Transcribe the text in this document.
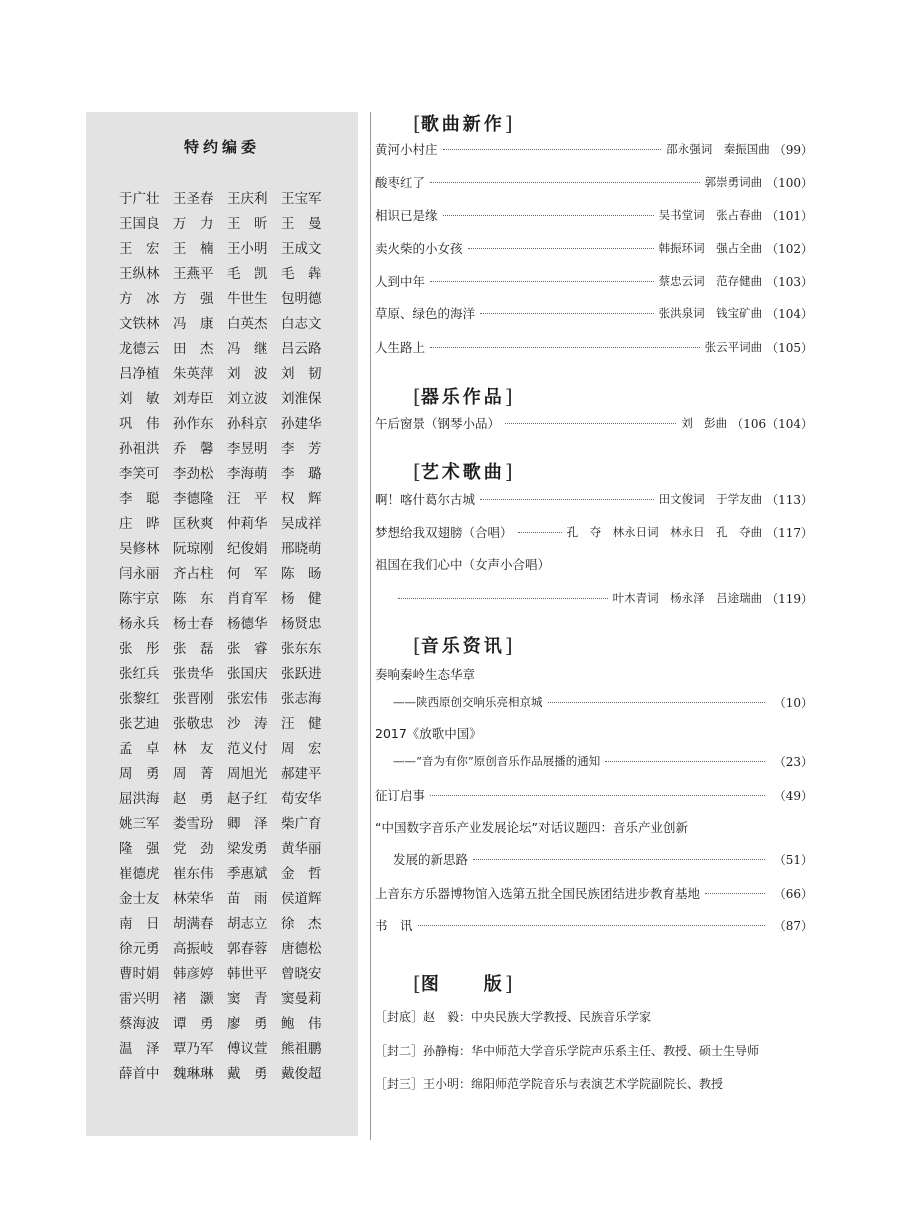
特约编委
于广壮	王圣春	王庆利	王宝军
王国良	万　力	王　昕	王　曼
王　宏	王　楠	王小明	王成文
王纵林	王燕平	毛　凯	毛　犇
方　冰	方　强	牛世生	包明德
文铁林	冯　康	白英杰	白志文
龙德云	田　杰	冯　继	吕云路
吕净植	朱英萍	刘　波	刘　韧
刘　敏	刘寿臣	刘立波	刘淮保
巩　伟	孙作东	孙科京	孙建华
孙祖洪	乔　馨	李昱明	李　芳
李笑可	李劲松	李海萌	李　璐
李　聪	李德隆	汪　平	权　辉
庄　晔	匡秋爽	仲莉华	吴成祥
吴修林	阮琼刚	纪俊娟	邢晓萌
闫永丽	齐占柱	何　军	陈　旸
陈宇京	陈　东	肖育军	杨　健
杨永兵	杨士春	杨德华	杨贤忠
张　彤	张　磊	张　睿	张东东
张红兵	张贵华	张国庆	张跃进
张黎红	张晋刚	张宏伟	张志海
张艺迪	张敬忠	沙　涛	汪　健
孟　卓	林　友	范义付	周　宏
周　勇	周　菁	周旭光	郝建平
屈洪海	赵　勇	赵子红	荀安华
姚三军	娄雪玢	卿　泽	柴广育
隆　强	党　劲	梁发勇	黄华丽
崔德虎	崔东伟	季惠斌	金　哲
金士友	林荣华	苗　雨	侯道辉
南　日	胡满春	胡志立	徐　杰
徐元勇	高振岐	郭春蓉	唐德松
曹时娟	韩彦婷	韩世平	曾晓安
雷兴明	褚　灏	窦　青	窦曼莉
蔡海波	谭　勇	廖　勇	鲍　伟
温　泽	覃乃军	傅议萱	熊祖鹏
薛首中	魏琳琳	戴　勇	戴俊超
[歌曲新作]
黄河小村庄	邵永强词　秦振国曲 （99）
酸枣红了	郭崇勇词曲 （100）
相识已是缘	吴书堂词　张占春曲 （101）
卖火柴的小女孩	韩振环词　强占全曲 （102）
人到中年	蔡忠云词　范存健曲 （103）
草原、绿色的海洋	张洪泉词　钱宝矿曲 （104）
人生路上	张云平词曲 （105）
[器乐作品]
午后窗景（钢琴小品）	刘　彭曲 （106（104）
[艺术歌曲]
啊！喀什葛尔古城	田文俊词　于学友曲 （113）
梦想给我双翅膀（合唱）	孔　夺　林永日词　林永日　孔　夺曲 （117）
祖国在我们心中（女声小合唱）
叶木青词　杨永泽　吕途瑞曲 （119）
[音乐资讯]
奏响秦岭生态华章
——陕西原创交响乐亮相京城	（10）
2017《放歌中国》
——“音为有你”原创音乐作品展播的通知	（23）
征订启事	（49）
“中国数字音乐产业发展论坛”对话议题四：音乐产业创新
发展的新思路	（51）
上音东方乐器博物馆入选第五批全国民族团结进步教育基地	（66）
书　讯	（87）
[图　　版]
［封底］赵　毅：中央民族大学教授、民族音乐学家
［封二］孙静梅：华中师范大学音乐学院声乐系主任、教授、硕士生导师
［封三］王小明：绵阳师范学院音乐与表演艺术学院副院长、教授
